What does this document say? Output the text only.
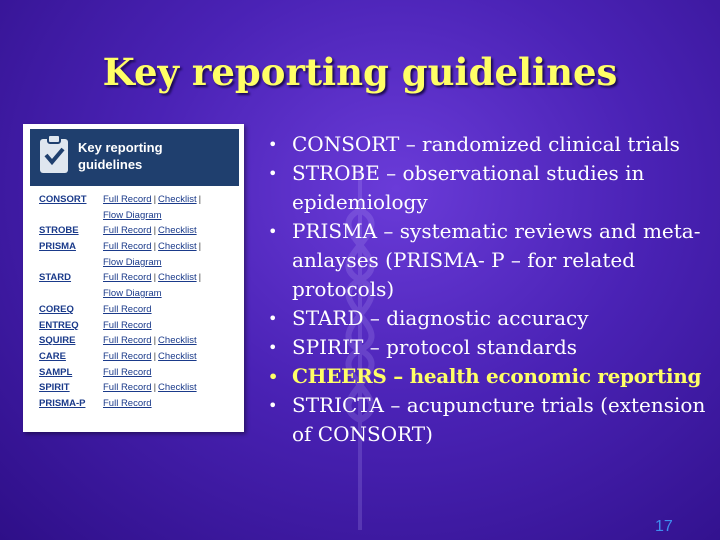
Key reporting guidelines
Key reporting guidelines
CONSORT Full Record | Checklist |
Flow Diagram
STROBE	Full Record | Checklist
PRISMA	Full Record | Checklist |
Flow Diagram
STARD	Full Record | Checklist |
Flow Diagram
COREQ	Full Record
ENTREQ	Full Record
SQUIRE	Full Record | Checklist
CARE	Full Record | Checklist
SAMPL	Full Record
SPIRIT	Full Record | Checklist
PRISMA-P Full Record
• CONSORT – randomized clinical trials
• STROBE – observational studies in epidemiology
• PRISMA – systematic reviews and meta-anlayses (PRISMA- P – for related protocols)
• STARD – diagnostic accuracy
• SPIRIT – protocol standards
• CHEERS – health economic reporting
• STRICTA – acupuncture trials (extension of CONSORT)
17
